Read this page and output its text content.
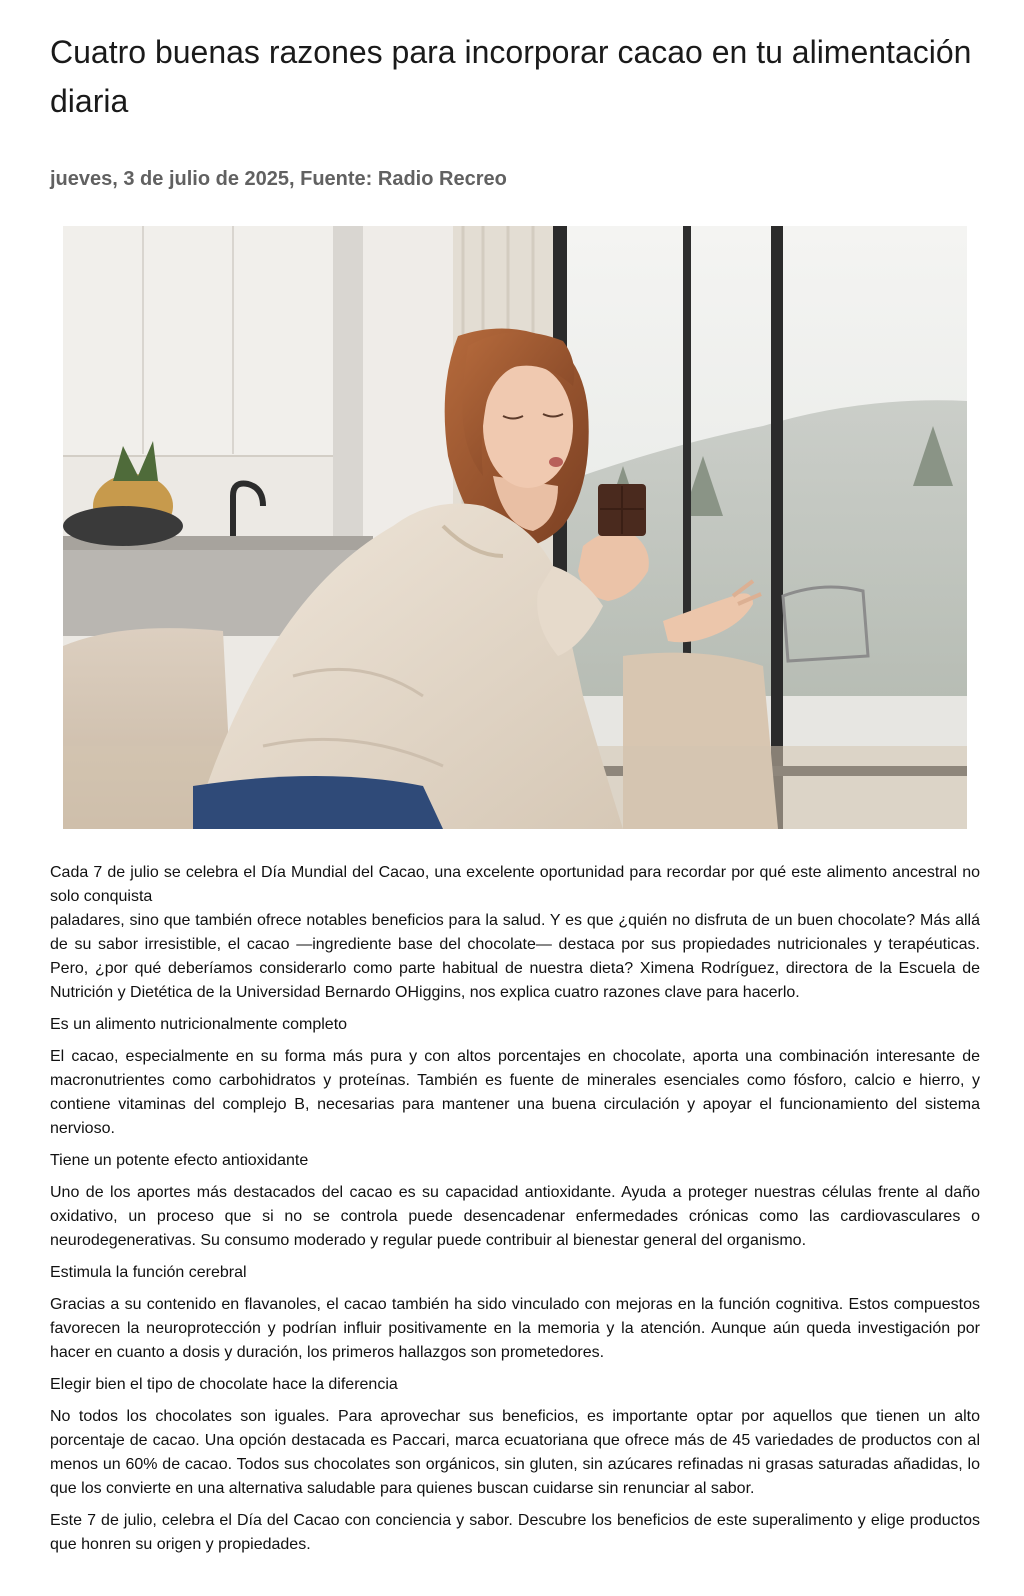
Cuatro buenas razones para incorporar cacao en tu alimentación diaria
jueves, 3 de julio de 2025, Fuente: Radio Recreo

Cada 7 de julio se celebra el Día Mundial del Cacao, una excelente oportunidad para recordar por qué este alimento ancestral no solo conquista

paladares, sino que también ofrece notables beneficios para la salud. Y es que ¿quién no disfruta de un buen chocolate? Más allá de su sabor irresistible, el cacao —ingrediente base del chocolate— destaca por sus propiedades nutricionales y terapéuticas. Pero, ¿por qué deberíamos considerarlo como parte habitual de nuestra dieta? Ximena Rodríguez, directora de la Escuela de Nutrición y Dietética de la Universidad Bernardo OHiggins, nos explica cuatro razones clave para hacerlo.

Es un alimento nutricionalmente completo

El cacao, especialmente en su forma más pura y con altos porcentajes en chocolate, aporta una combinación interesante de macronutrientes como carbohidratos y proteínas. También es fuente de minerales esenciales como fósforo, calcio e hierro, y contiene vitaminas del complejo B, necesarias para mantener una buena circulación y apoyar el funcionamiento del sistema nervioso.

Tiene un potente efecto antioxidante

Uno de los aportes más destacados del cacao es su capacidad antioxidante. Ayuda a proteger nuestras células frente al daño oxidativo, un proceso que si no se controla puede desencadenar enfermedades crónicas como las cardiovasculares o neurodegenerativas. Su consumo moderado y regular puede contribuir al bienestar general del organismo.

Estimula la función cerebral

Gracias a su contenido en flavanoles, el cacao también ha sido vinculado con mejoras en la función cognitiva. Estos compuestos favorecen la neuroprotección y podrían influir positivamente en la memoria y la atención. Aunque aún queda investigación por hacer en cuanto a dosis y duración, los primeros hallazgos son prometedores.

Elegir bien el tipo de chocolate hace la diferencia

No todos los chocolates son iguales. Para aprovechar sus beneficios, es importante optar por aquellos que tienen un alto porcentaje de cacao. Una opción destacada es Paccari, marca ecuatoriana que ofrece más de 45 variedades de productos con al menos un 60% de cacao. Todos sus chocolates son orgánicos, sin gluten, sin azúcares refinadas ni grasas saturadas añadidas, lo que los convierte en una alternativa saludable para quienes buscan cuidarse sin renunciar al sabor.

Este 7 de julio, celebra el Día del Cacao con conciencia y sabor. Descubre los beneficios de este superalimento y elige productos que honren su origen y propiedades.
